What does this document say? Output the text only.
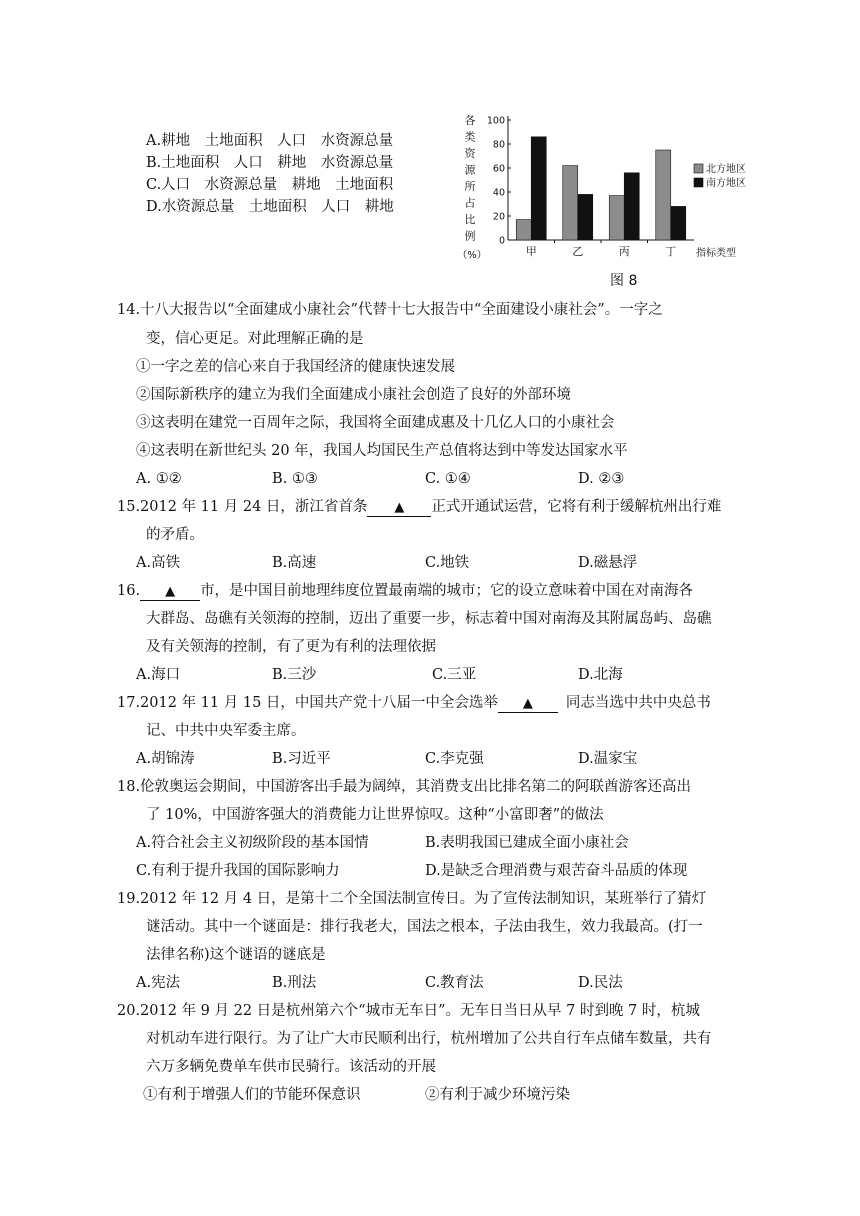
A.耕地　土地面积　人口　水资源总量
B.土地面积　人口　耕地　水资源总量
C.人口　水资源总量　耕地　土地面积
D.水资源总量　土地面积　人口　耕地
各
类
资
源
所
占
比
例
（%）
0
20
40
60
80
100
甲	乙	丙	丁 指标类型
北方地区
南方地区
图 8
14.十八大报告以“全面建成小康社会”代替十七大报告中“全面建设小康社会”。一字之
变，信心更足。对此理解正确的是
①一字之差的信心来自于我国经济的健康快速发展
②国际新秩序的建立为我们全面建成小康社会创造了良好的外部环境
③这表明在建党一百周年之际，我国将全面建成惠及十几亿人口的小康社会
④这表明在新世纪头 20 年，我国人均国民生产总值将达到中等发达国家水平
A. ①②	B. ①③	C. ①④	D. ②③
15.2012 年 11 月 24 日，浙江省首条 ▲ 正式开通试运营，它将有利于缓解杭州出行难
的矛盾。
A.高铁	B.高速	C.地铁	D.磁悬浮
16. ▲ 市，是中国目前地理纬度位置最南端的城市；它的设立意味着中国在对南海各
大群岛、岛礁有关领海的控制，迈出了重要一步，标志着中国对南海及其附属岛屿、岛礁
及有关领海的控制，有了更为有利的法理依据
A.海口	B.三沙	C.三亚	D.北海
17.2012 年 11 月 15 日，中国共产党十八届一中全会选举 ▲ 同志当选中共中央总书
记、中共中央军委主席。
A.胡锦涛	B.习近平	C.李克强	D.温家宝
18.伦敦奥运会期间，中国游客出手最为阔绰，其消费支出比排名第二的阿联酋游客还高出
了 10%，中国游客强大的消费能力让世界惊叹。这种“小富即奢”的做法
A.符合社会主义初级阶段的基本国情	B.表明我国已建成全面小康社会
C.有利于提升我国的国际影响力	D.是缺乏合理消费与艰苦奋斗品质的体现
19.2012 年 12 月 4 日，是第十二个全国法制宣传日。为了宣传法制知识，某班举行了猜灯
谜活动。其中一个谜面是：排行我老大，国法之根本，子法由我生，效力我最高。(打一
法律名称)这个谜语的谜底是
A.宪法	B.刑法	C.教育法	D.民法
20.2012 年 9 月 22 日是杭州第六个“城市无车日”。无车日当日从早 7 时到晚 7 时，杭城
对机动车进行限行。为了让广大市民顺利出行，杭州增加了公共自行车点储车数量，共有
六万多辆免费单车供市民骑行。该活动的开展
①有利于增强人们的节能环保意识	②有利于减少环境污染
